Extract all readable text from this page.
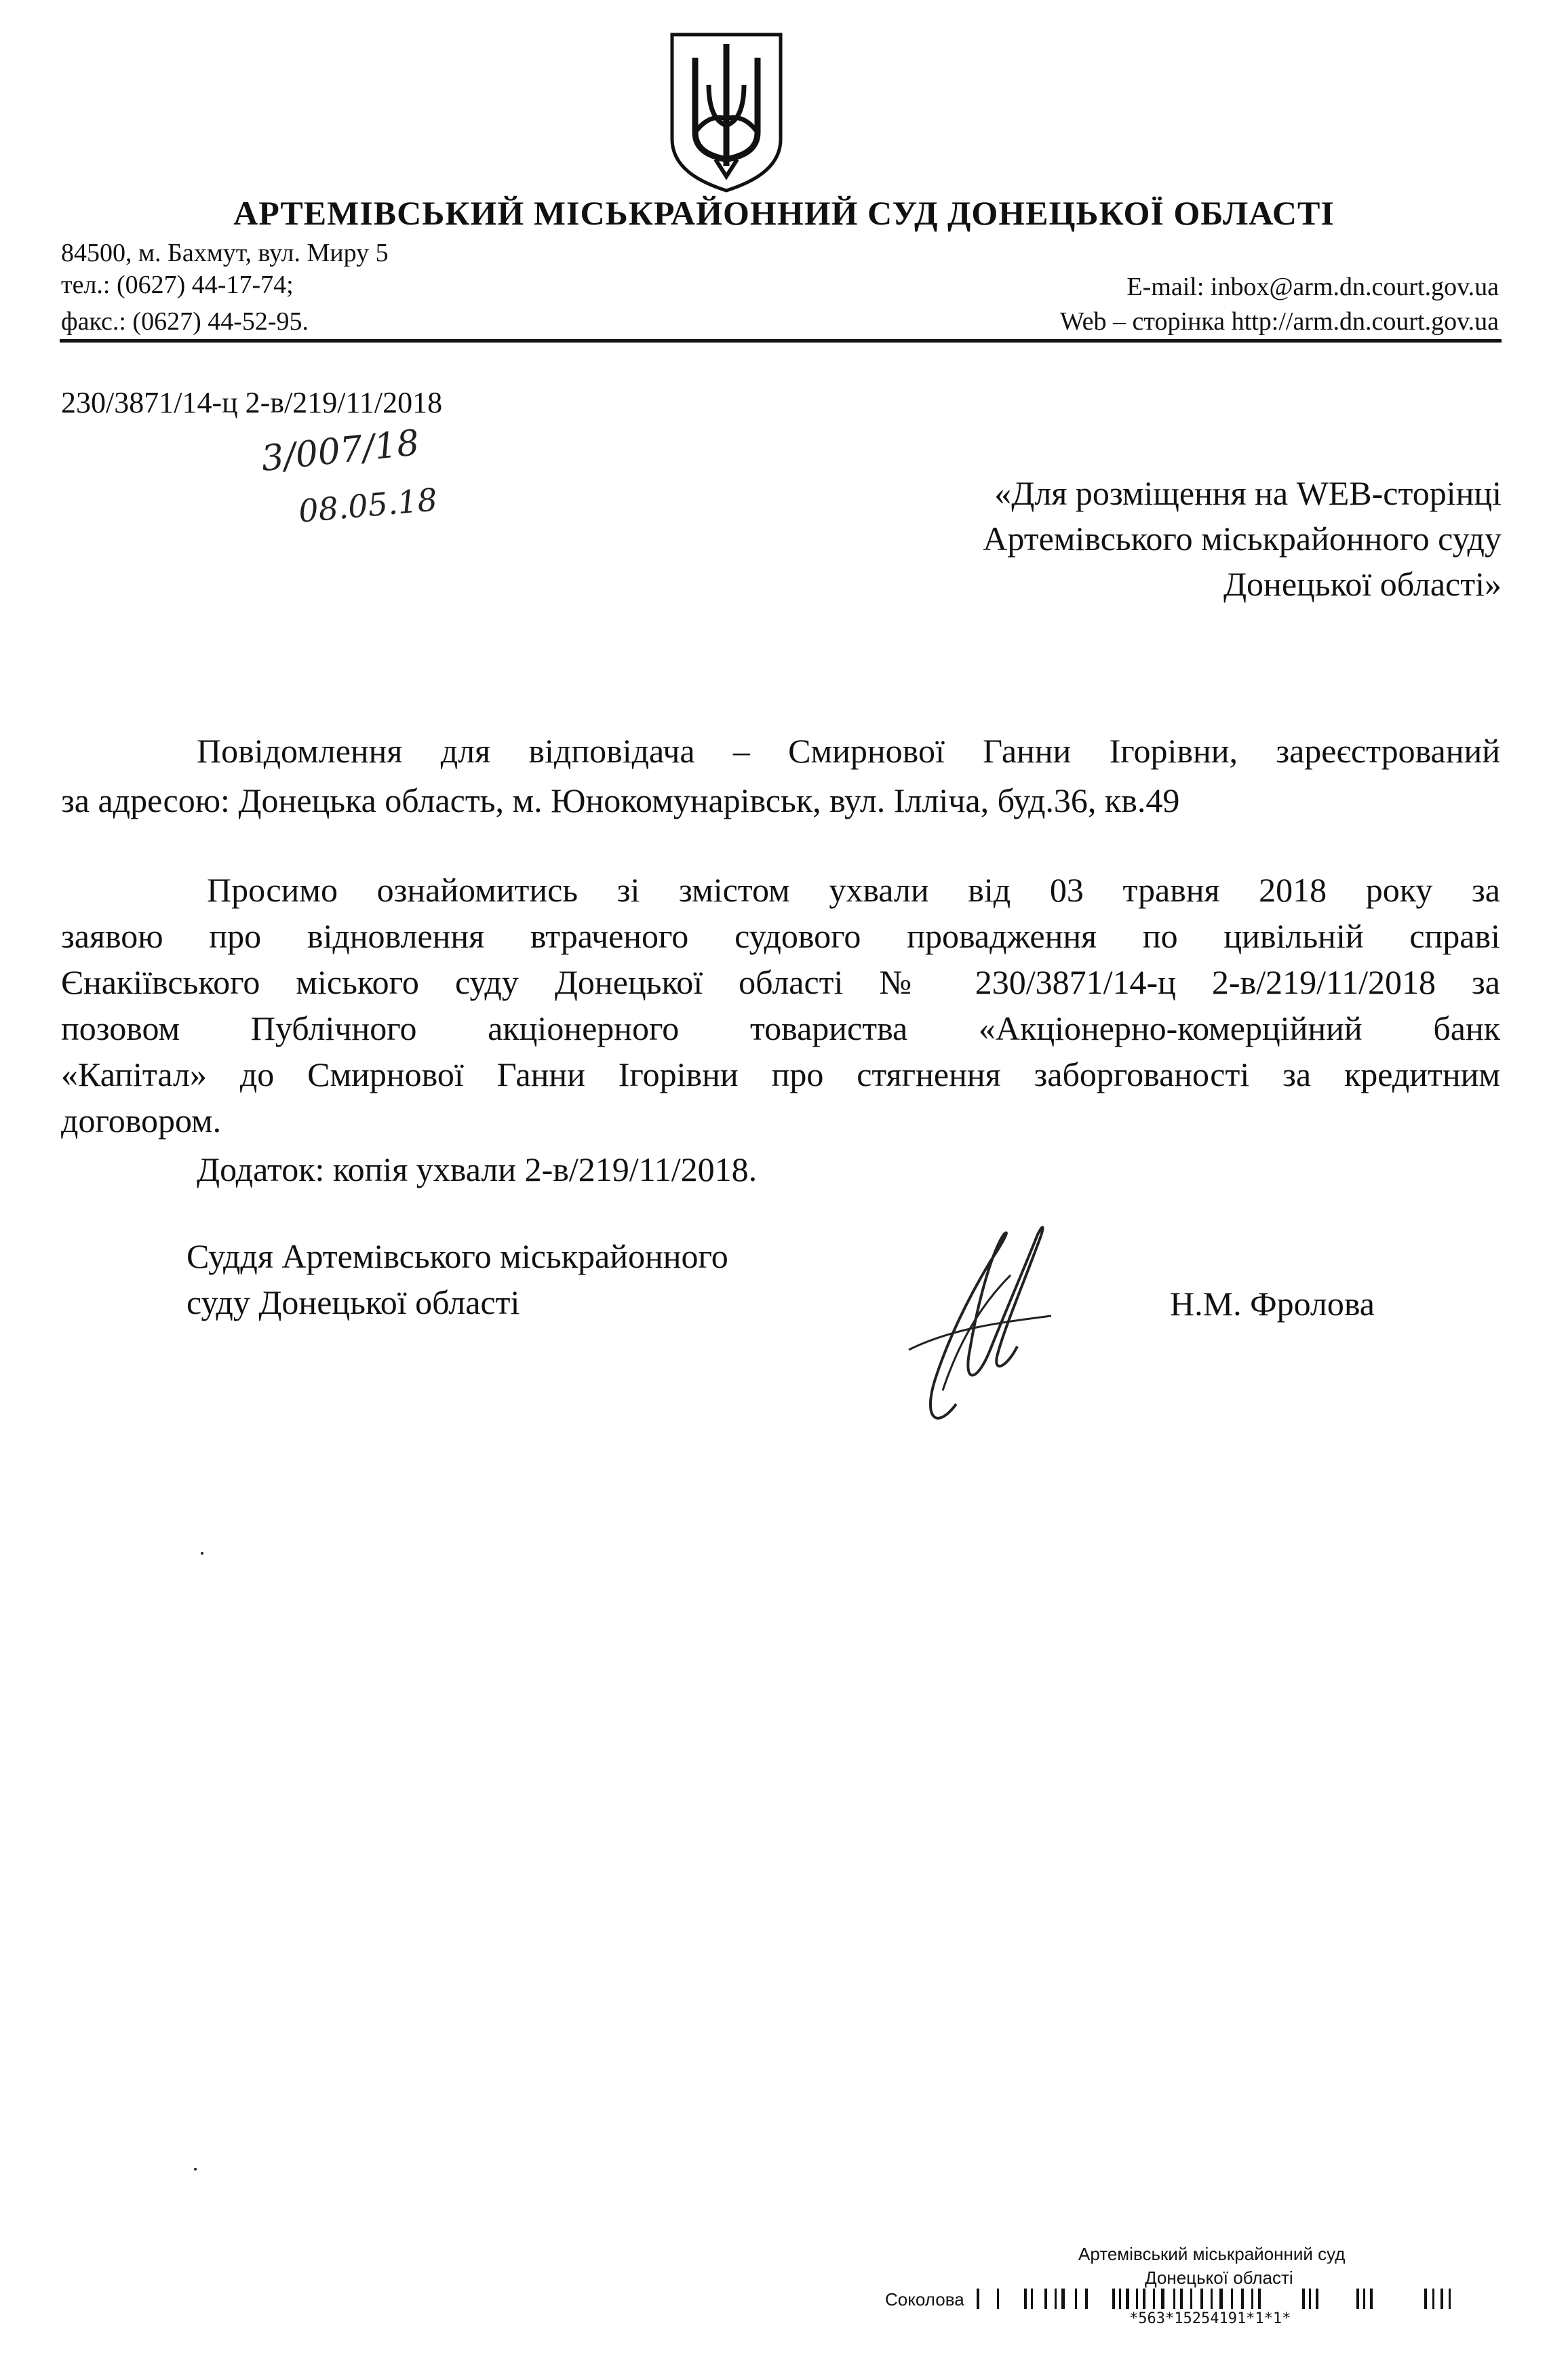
АРТЕМІВСЬКИЙ МІСЬКРАЙОННИЙ СУД ДОНЕЦЬКОЇ ОБЛАСТІ
84500, м. Бахмут, вул. Миру 5
тел.: (0627) 44-17-74;
факс.: (0627) 44-52-95.
E-mail: inbox@arm.dn.court.gov.ua
Web – сторінка http://arm.dn.court.gov.ua
230/3871/14-ц 2-в/219/11/2018
3/007/18
08.05.18	«Для розміщення на WEB-сторінці
Артемівського міськрайонного суду
Донецької області»
Повідомлення для відповідача – Смирнової Ганни Ігорівни, зареєстрований
за адресою: Донецька область, м. Юнокомунарівськ, вул. Ілліча, буд.36, кв.49
Просимо ознайомитись зі змістом ухвали від 03 травня 2018 року за
заявою про відновлення втраченого судового провадження по цивільній справі
Єнакіївського міського суду Донецької області № 230/3871/14-ц 2-в/219/11/2018 за
позовом Публічного акціонерного товариства «Акціонерно-комерційний банк
«Капітал» до Смирнової Ганни Ігорівни про стягнення заборгованості за кредитним
договором.
Додаток: копія ухвали 2-в/219/11/2018.
Суддя Артемівського міськрайонного
суду Донецької області	Н.М. Фролова
Артемівський міськрайонний суд
Донецької області
Соколова
*563*15254191*1*1*
